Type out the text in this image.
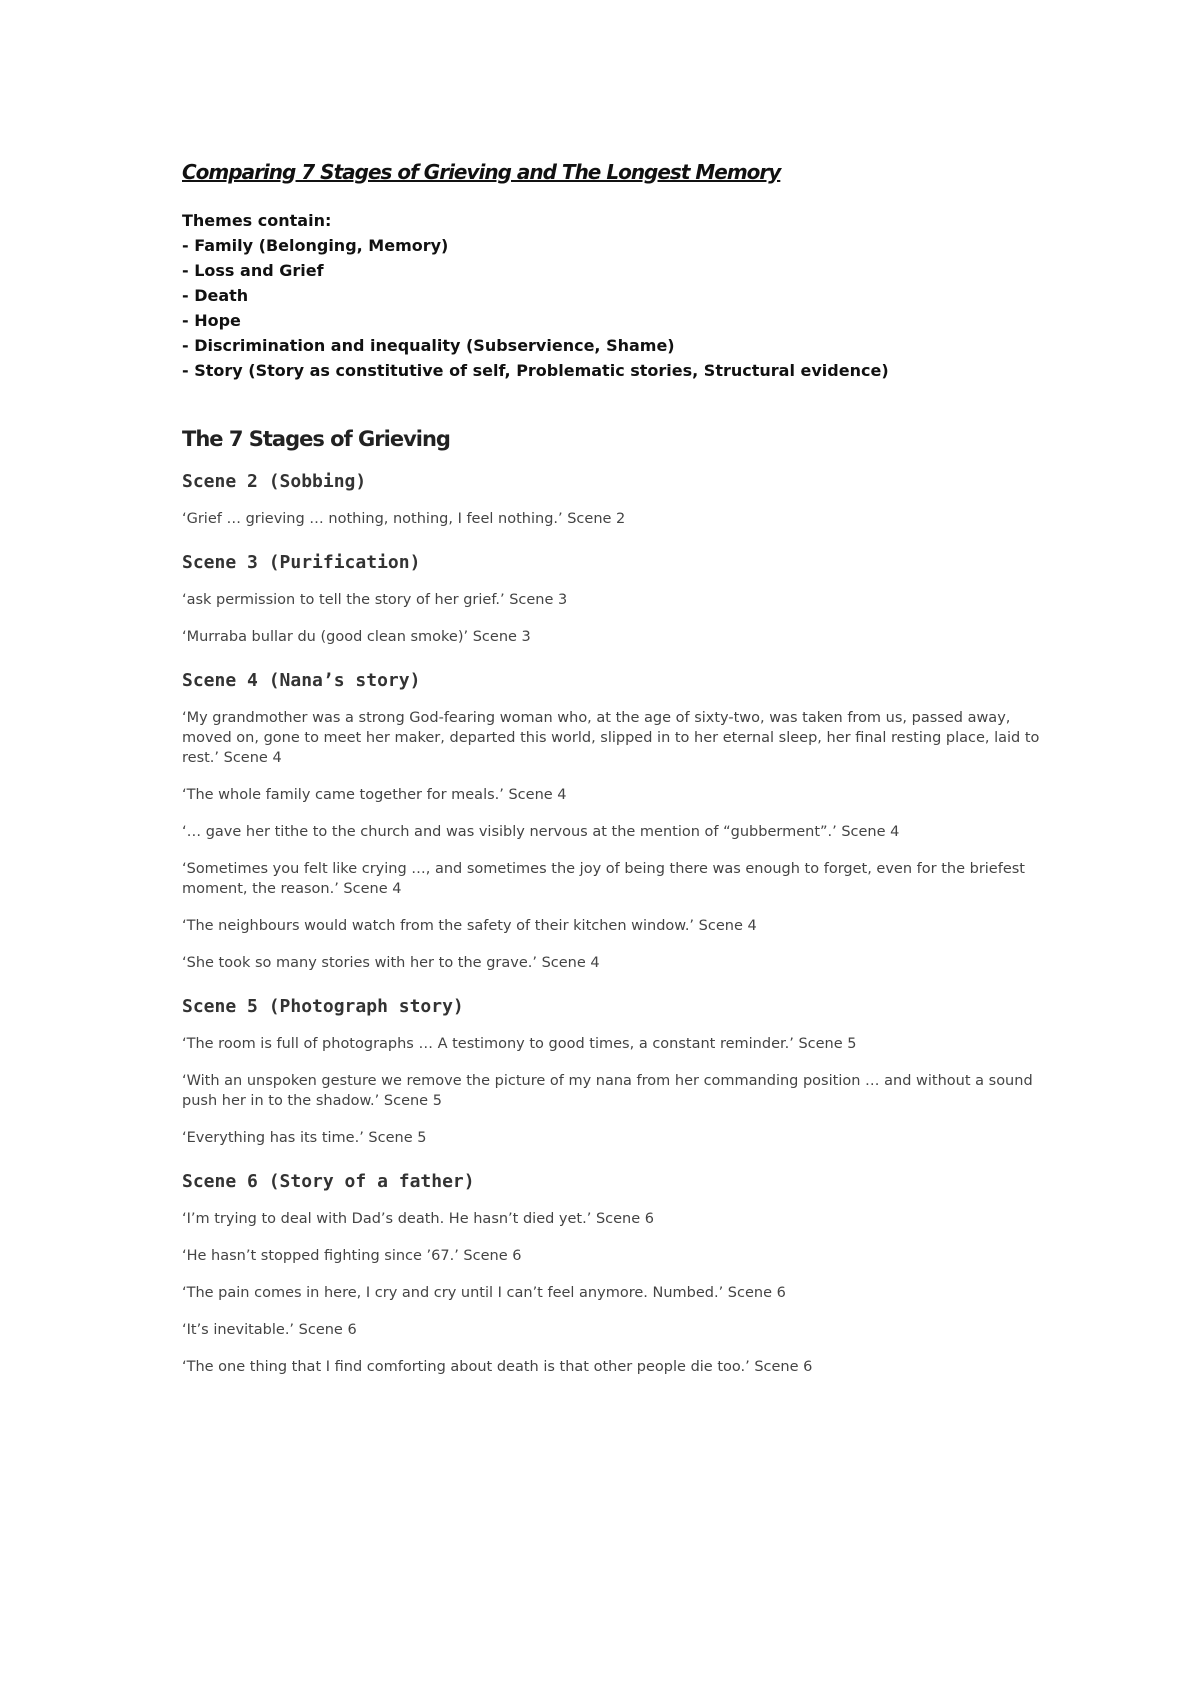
Comparing 7 Stages of Grieving and The Longest Memory

Themes contain:

- Family (Belonging, Memory)
- Loss and Grief
- Death
- Hope
- Discrimination and inequality (Subservience, Shame)
- Story (Story as constitutive of self, Problematic stories, Structural evidence)
The 7 Stages of Grieving
Scene 2 (Sobbing)

‘Grief … grieving … nothing, nothing, I feel nothing.’ Scene 2

Scene 3 (Purification)

‘ask permission to tell the story of her grief.’ Scene 3

‘Murraba bullar du (good clean smoke)’ Scene 3

Scene 4 (Nana’s story)

‘My grandmother was a strong God-fearing woman who, at the age of sixty-two, was taken from us, passed away, moved on, gone to meet her maker, departed this world, slipped in to her eternal sleep, her final resting place, laid to rest.’ Scene 4

‘The whole family came together for meals.’ Scene 4

‘… gave her tithe to the church and was visibly nervous at the mention of “gubberment”.’ Scene 4

‘Sometimes you felt like crying …, and sometimes the joy of being there was enough to forget, even for the briefest moment, the reason.’ Scene 4

‘The neighbours would watch from the safety of their kitchen window.’ Scene 4

‘She took so many stories with her to the grave.’ Scene 4

Scene 5 (Photograph story)

‘The room is full of photographs … A testimony to good times, a constant reminder.’ Scene 5

‘With an unspoken gesture we remove the picture of my nana from her commanding position … and without a sound push her in to the shadow.’ Scene 5

‘Everything has its time.’ Scene 5

Scene 6 (Story of a father)

‘I’m trying to deal with Dad’s death. He hasn’t died yet.’ Scene 6

‘He hasn’t stopped fighting since ’67.’ Scene 6

‘The pain comes in here, I cry and cry until I can’t feel anymore. Numbed.’ Scene 6

‘It’s inevitable.’ Scene 6

‘The one thing that I find comforting about death is that other people die too.’ Scene 6
